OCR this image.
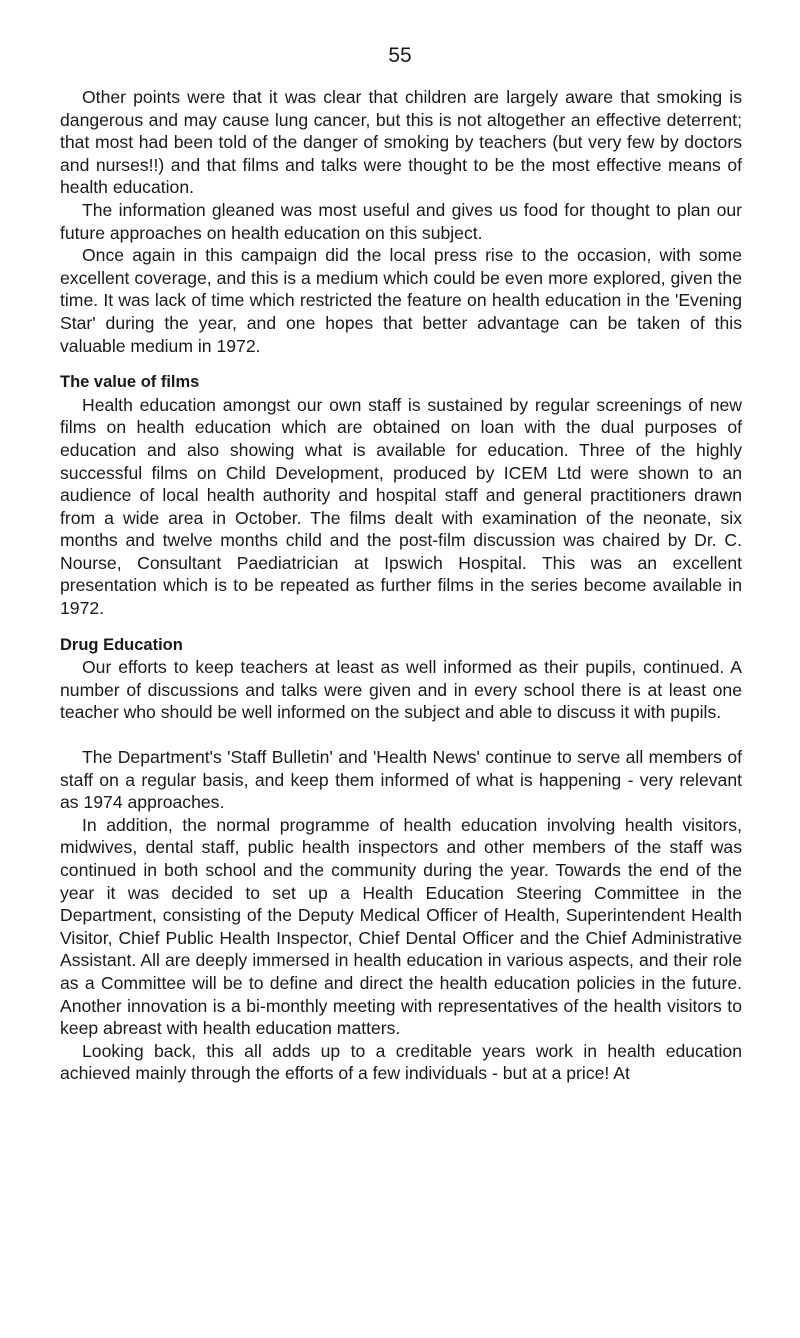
55

Other points were that it was clear that children are largely aware that smoking is dangerous and may cause lung cancer, but this is not altogether an effective deterrent; that most had been told of the danger of smoking by teachers (but very few by doctors and nurses!!) and that films and talks were thought to be the most effective means of health education.

The information gleaned was most useful and gives us food for thought to plan our future approaches on health education on this subject.

Once again in this campaign did the local press rise to the occasion, with some excellent coverage, and this is a medium which could be even more explored, given the time. It was lack of time which restricted the feature on health education in the 'Evening Star' during the year, and one hopes that better advantage can be taken of this valuable medium in 1972.

The value of films

Health education amongst our own staff is sustained by regular screenings of new films on health education which are obtained on loan with the dual purposes of education and also showing what is available for education. Three of the highly successful films on Child Development, produced by ICEM Ltd were shown to an audience of local health authority and hospital staff and general practitioners drawn from a wide area in October. The films dealt with examination of the neonate, six months and twelve months child and the post-film discussion was chaired by Dr. C. Nourse, Consultant Paediatrician at Ipswich Hospital. This was an excellent presentation which is to be repeated as further films in the series become available in 1972.

Drug Education

Our efforts to keep teachers at least as well informed as their pupils, continued. A number of discussions and talks were given and in every school there is at least one teacher who should be well informed on the subject and able to discuss it with pupils.

The Department's 'Staff Bulletin' and 'Health News' continue to serve all members of staff on a regular basis, and keep them informed of what is happening - very relevant as 1974 approaches.

In addition, the normal programme of health education involving health visitors, midwives, dental staff, public health inspectors and other members of the staff was continued in both school and the community during the year. Towards the end of the year it was decided to set up a Health Education Steering Committee in the Department, consisting of the Deputy Medical Officer of Health, Superintendent Health Visitor, Chief Public Health Inspector, Chief Dental Officer and the Chief Administrative Assistant. All are deeply immersed in health education in various aspects, and their role as a Committee will be to define and direct the health education policies in the future. Another innovation is a bi-monthly meeting with representatives of the health visitors to keep abreast with health education matters.

Looking back, this all adds up to a creditable years work in health education achieved mainly through the efforts of a few individuals - but at a price! At
